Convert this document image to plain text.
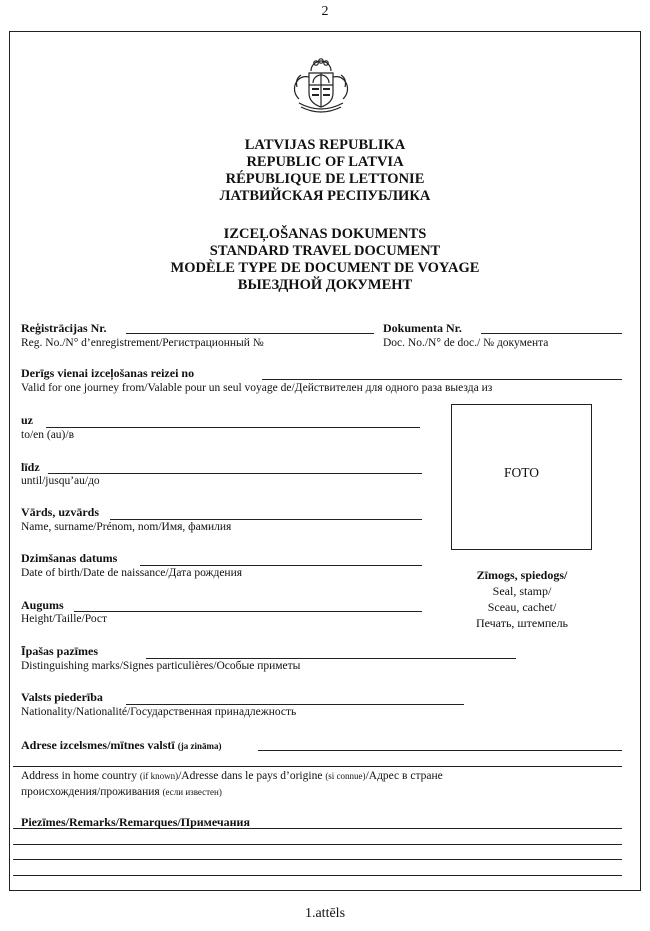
2
LATVIJAS REPUBLIKA
REPUBLIC OF LATVIA
RÉPUBLIQUE DE LETTONIE
ЛАТВИЙСКАЯ РЕСПУБЛИКА
IZCEĻOŠANAS DOKUMENTS
STANDARD TRAVEL DOCUMENT
MODÈLE TYPE DE DOCUMENT DE VOYAGE
ВЫЕЗДНОЙ ДОКУМЕНТ
Reģistrācijas Nr.
Reg. No./N° d’enregistrement/Регистрационный №
Dokumenta Nr.
Doc. No./N° de doc./ № документа
Derīgs vienai izceļošanas reizei no
Valid for one journey from/Valable pour un seul voyage de/Действителен для одного раза выезда из
uz
to/en (au)/в
līdz
until/jusqu’au/до
Vārds, uzvārds
Name, surname/Prénom, nom/Имя, фамилия
Dzimšanas datums
Date of birth/Date de naissance/Дата рождения
Augums
Height/Taille/Рост
Īpašas pazīmes
Distinguishing marks/Signes particulières/Особые приметы
Valsts piederība
Nationality/Nationalité/Государственная принадлежность
Adrese izcelsmes/mītnes valstī (ja zināma)
Address in home country (if known)/Adresse dans le pays d’origine (si connue)/Адрес в стране
происхождения/проживания (если известен)
Piezīmes/Remarks/Remarques/Примечания
FOTO
Zīmogs, spiedogs/
Seal, stamp/
Sceau, cachet/
Печать, штемпель
1.attēls
